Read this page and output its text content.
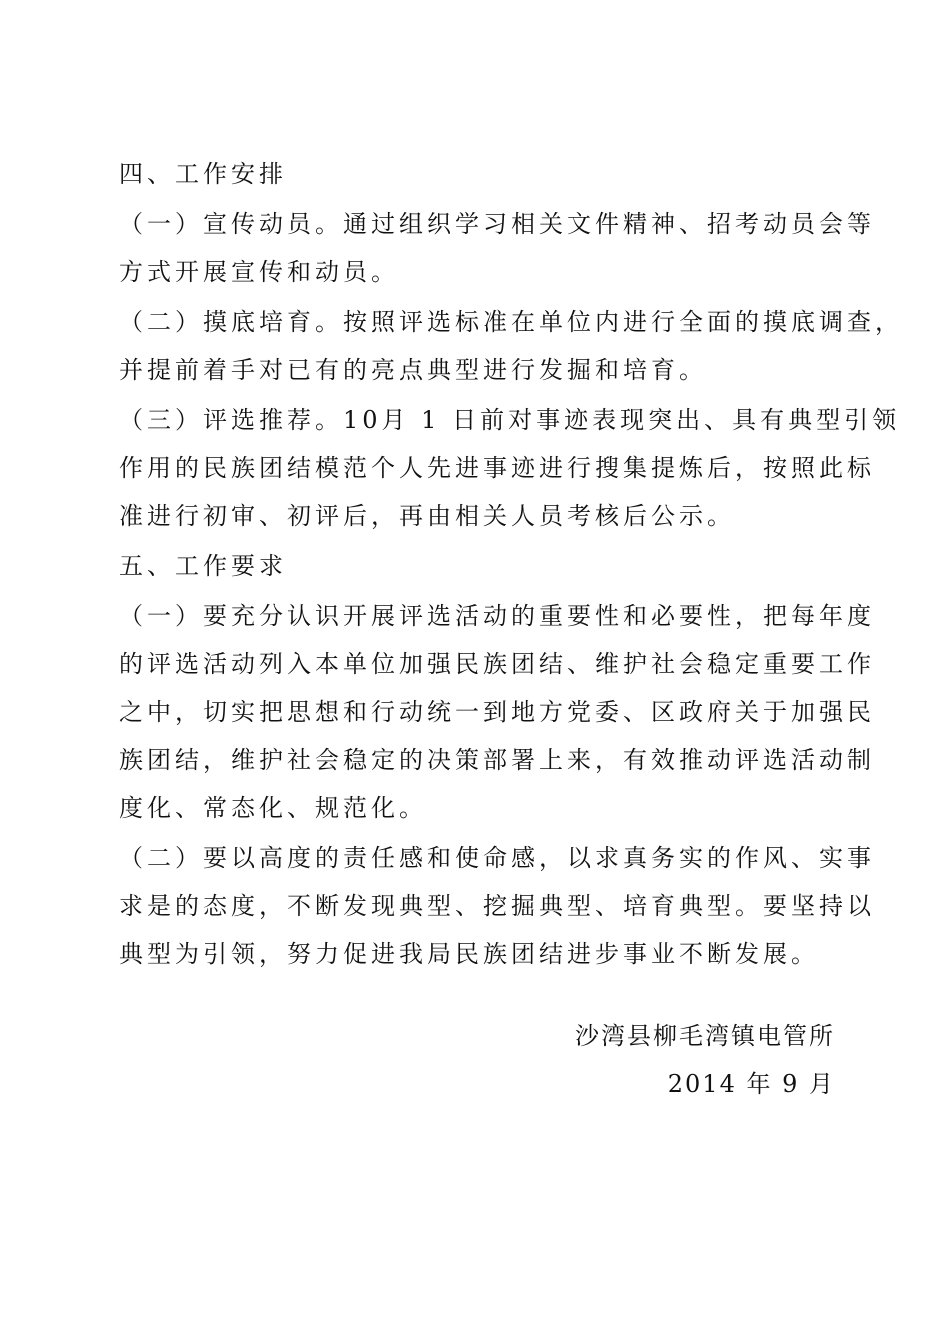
四、工作安排
（一）宣传动员。通过组织学习相关文件精神、招考动员会等
方式开展宣传和动员。
（二）摸底培育。按照评选标准在单位内进行全面的摸底调查，
并提前着手对已有的亮点典型进行发掘和培育。
（三）评选推荐。10月 1 日前对事迹表现突出、具有典型引领
作用的民族团结模范个人先进事迹进行搜集提炼后，按照此标
准进行初审、初评后，再由相关人员考核后公示。
五、工作要求
（一）要充分认识开展评选活动的重要性和必要性，把每年度
的评选活动列入本单位加强民族团结、维护社会稳定重要工作
之中，切实把思想和行动统一到地方党委、区政府关于加强民
族团结，维护社会稳定的决策部署上来，有效推动评选活动制
度化、常态化、规范化。
（二）要以高度的责任感和使命感，以求真务实的作风、实事
求是的态度，不断发现典型、挖掘典型、培育典型。要坚持以
典型为引领，努力促进我局民族团结进步事业不断发展。
沙湾县柳毛湾镇电管所
2014 年 9 月
